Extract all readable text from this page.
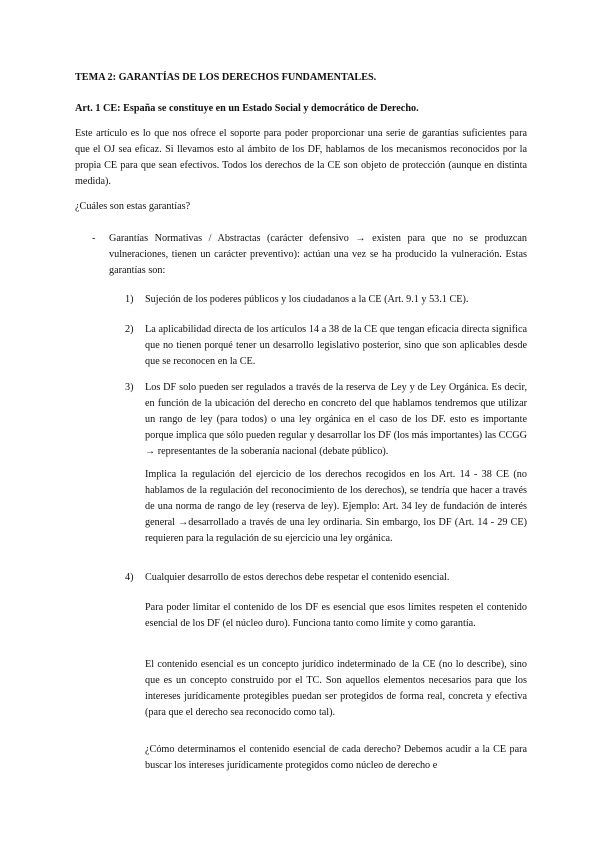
TEMA 2: GARANTÍAS DE LOS DERECHOS FUNDAMENTALES.
Art. 1 CE: España se constituye en un Estado Social y democrático de Derecho.
Este artículo es lo que nos ofrece el soporte para poder proporcionar una serie de garantías suficientes para que el OJ sea eficaz. Si llevamos esto al ámbito de los DF, hablamos de los mecanismos reconocidos por la propia CE para que sean efectivos. Todos los derechos de la CE son objeto de protección (aunque en distinta medida).
¿Cuáles son estas garantías?
- Garantías Normativas / Abstractas (carácter defensivo → existen para que no se produzcan vulneraciones, tienen un carácter preventivo): actúan una vez se ha producido la vulneración. Estas garantías son:
1) Sujeción de los poderes públicos y los ciudadanos a la CE (Art. 9.1 y 53.1 CE).
2) La aplicabilidad directa de los artículos 14 a 38 de la CE que tengan eficacia directa significa que no tienen porqué tener un desarrollo legislativo posterior, sino que son aplicables desde que se reconocen en la CE.
3) Los DF solo pueden ser regulados a través de la reserva de Ley y de Ley Orgánica. Es decir, en función de la ubicación del derecho en concreto del que hablamos tendremos que utilizar un rango de ley (para todos) o una ley orgánica en el caso de los DF. esto es importante porque implica que sólo pueden regular y desarrollar los DF (los más importantes) las CCGG → representantes de la soberanía nacional (debate público).
Implica la regulación del ejercicio de los derechos recogidos en los Art. 14 - 38 CE (no hablamos de la regulación del reconocimiento de los derechos), se tendría que hacer a través de una norma de rango de ley (reserva de ley). Ejemplo: Art. 34 ley de fundación de interés general →desarrollado a través de una ley ordinaria. Sin embargo, los DF (Art. 14 - 29 CE) requieren para la regulación de su ejercicio una ley orgánica.
4) Cualquier desarrollo de estos derechos debe respetar el contenido esencial.
Para poder limitar el contenido de los DF es esencial que esos límites respeten el contenido esencial de los DF (el núcleo duro). Funciona tanto como límite y como garantía.
El contenido esencial es un concepto jurídico indeterminado de la CE (no lo describe), sino que es un concepto construido por el TC. Son aquellos elementos necesarios para que los intereses jurídicamente protegibles puedan ser protegidos de forma real, concreta y efectiva (para que el derecho sea reconocido como tal).
¿Cómo determinamos el contenido esencial de cada derecho? Debemos acudir a la CE para buscar los intereses jurídicamente protegidos como núcleo de derecho e
